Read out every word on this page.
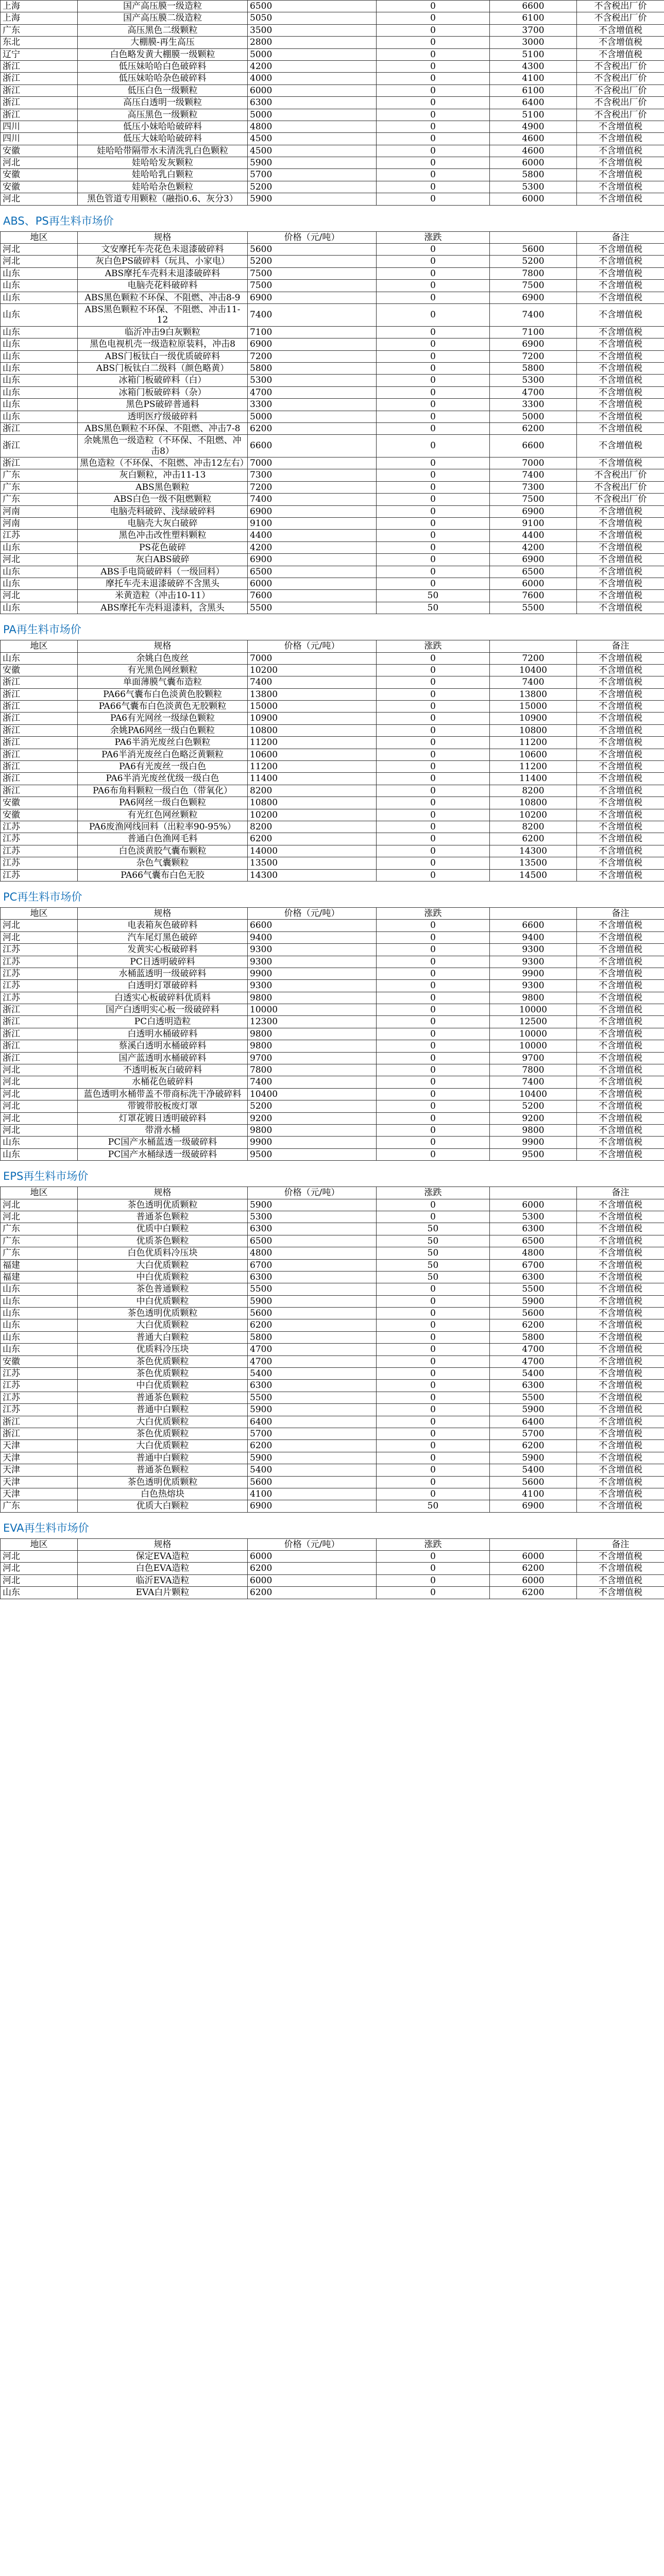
上海	国产高压膜一级造粒	6500	0	6600	不含税出厂价
上海	国产高压膜二级造粒	5050	0	6100	不含税出厂价
广东	高压黑色二级颗粒	3500	0	3700	不含增值税
东北	大棚膜-再生高压	2800	0	3000	不含增值税
辽宁	白色略发黄大棚膜一级颗粒	5000	0	5100	不含增值税
浙江	低压妹哈哈白色破碎料	4200	0	4300	不含税出厂价
浙江	低压妹哈哈杂色破碎料	4000	0	4100	不含税出厂价
浙江	低压白色一级颗粒	6000	0	6100	不含税出厂价
浙江	高压白透明一级颗粒	6300	0	6400	不含税出厂价
浙江	高压黑色一级颗粒	5000	0	5100	不含税出厂价
四川	低压小妹哈哈破碎料	4800	0	4900	不含增值税
四川	低压大妹哈哈破碎料	4500	0	4600	不含增值税
安徽	娃哈哈带隔带水未清洗乳白色颗粒	4500	0	4600	不含增值税
河北	娃哈哈发灰颗粒	5900	0	6000	不含增值税
安徽	娃哈哈乳白颗粒	5700	0	5800	不含增值税
安徽	娃哈哈杂色颗粒	5200	0	5300	不含增值税
河北	黑色管道专用颗粒（融指0.6、灰分3）	5900	0	6000	不含增值税
ABS、PS再生料市场价
地区	规格	价格（元/吨）	涨跌		备注
河北	文安摩托车壳花色未退漆破碎料	5600	0	5600	不含增值税
河北	灰白色PS破碎料（玩具、小家电）	5200	0	5200	不含增值税
山东	ABS摩托车壳料未退漆破碎料	7500	0	7800	不含增值税
山东	电脑壳花料破碎料	7500	0	7500	不含增值税
山东	ABS黑色颗粒不环保、不阻燃、冲击8-9	6900	0	6900	不含增值税
山东	ABS黑色颗粒不环保、不阻燃、冲击11-12	7400	0	7400	不含增值税
山东	临沂冲击9白灰颗粒	7100	0	7100	不含增值税
山东	黑色电视机壳一级造粒原装料，冲击8	6900	0	6900	不含增值税
山东	ABS门板钛白一级优质破碎料	7200	0	7200	不含增值税
山东	ABS门板钛白二级料（颜色略黄）	5800	0	5800	不含增值税
山东	冰箱门板破碎料（白）	5300	0	5300	不含增值税
山东	冰箱门板破碎料（杂）	4700	0	4700	不含增值税
山东	黑色PS破碎普通料	3300	0	3300	不含增值税
山东	透明医疗级破碎料	5000	0	5000	不含增值税
浙江	ABS黑色颗粒不环保、不阻燃、冲击7-8	6200	0	6200	不含增值税
浙江	余姚黑色一级造粒（不环保、不阻燃、冲击8）	6600	0	6600	不含增值税
浙江	黑色造粒（不环保、不阻燃、冲击12左右）	7000	0	7000	不含增值税
广东	灰白颗粒，冲击11-13	7300	0	7400	不含税出厂价
广东	ABS黑色颗粒	7200	0	7300	不含税出厂价
广东	ABS白色一级不阻燃颗粒	7400	0	7500	不含税出厂价
河南	电脑壳料破碎、浅绿破碎料	6900	0	6900	不含增值税
河南	电脑壳大灰白破碎	9100	0	9100	不含增值税
江苏	黑色冲击改性塑料颗粒	4400	0	4400	不含增值税
山东	PS花色破碎	4200	0	4200	不含增值税
河北	灰白ABS破碎	6900	0	6900	不含增值税
山东	ABS手电筒破碎料（一级回料）	6500	0	6500	不含增值税
山东	摩托车壳未退漆破碎不含黑头	6000	0	6000	不含增值税
河北	米黄造粒（冲击10-11）	7600	50	7600	不含增值税
山东	ABS摩托车壳料退漆料，含黑头	5500	50	5500	不含增值税
PA再生料市场价
地区	规格	价格（元/吨）	涨跌		备注
山东	余姚白色废丝	7000	0	7200	不含增值税
安徽	有光黑色网丝颗粒	10200	0	10400	不含增值税
浙江	单面薄膜气囊布造粒	7400	0	7400	不含增值税
浙江	PA66气囊布白色淡黄色胶颗粒	13800	0	13800	不含增值税
浙江	PA66气囊布白色淡黄色无胶颗粒	15000	0	15000	不含增值税
浙江	PA6有光网丝一级绿色颗粒	10900	0	10900	不含增值税
浙江	余姚PA6网丝一级白色颗粒	10800	0	10800	不含增值税
浙江	PA6半消光废丝白色颗粒	11200	0	11200	不含增值税
浙江	PA6半消光废丝白色略泛黄颗粒	10600	0	10600	不含增值税
浙江	PA6有光废丝一级白色	11200	0	11200	不含增值税
浙江	PA6半消光废丝优级一级白色	11400	0	11400	不含增值税
浙江	PA6布角料颗粒一级白色（带氧化）	8200	0	8200	不含增值税
安徽	PA6网丝一级白色颗粒	10800	0	10800	不含增值税
安徽	有光红色网丝颗粒	10200	0	10200	不含增值税
江苏	PA6废渔网线回料（出粒率90-95%）	8200	0	8200	不含增值税
江苏	普通白色渔网毛料	6200	0	6200	不含增值税
江苏	白色淡黄胶气囊布颗粒	14000	0	14300	不含增值税
江苏	杂色气囊颗粒	13500	0	13500	不含增值税
江苏	PA66气囊布白色无胶	14300	0	14500	不含增值税
PC再生料市场价
地区	规格	价格（元/吨）	涨跌		备注
河北	电表箱灰色破碎料	6600	0	6600	不含增值税
河北	汽车尾灯黑色破碎	9400	0	9400	不含增值税
江苏	发黄实心板破碎料	9300	0	9300	不含增值税
江苏	PC日透明破碎料	9300	0	9300	不含增值税
江苏	水桶蓝透明一级破碎料	9900	0	9900	不含增值税
江苏	白透明灯罩破碎料	9300	0	9300	不含增值税
江苏	白透实心板破碎料优质料	9800	0	9800	不含增值税
浙江	国产白透明实心板一级破碎料	10000	0	10000	不含增值税
浙江	PC白透明造粒	12300	0	12500	不含增值税
浙江	白透明水桶破碎料	9800	0	10000	不含增值税
浙江	蔡溪白透明水桶破碎料	9800	0	10000	不含增值税
浙江	国产蓝透明水桶破碎料	9700	0	9700	不含增值税
河北	不透明板灰白破碎料	7800	0	7800	不含增值税
河北	水桶花色破碎料	7400	0	7400	不含增值税
河北	蓝色透明水桶带盖不带商标洗干净破碎料	10400	0	10400	不含增值税
河北	带镀带胶板废灯罩	5200	0	5200	不含增值税
河北	灯罩花镀日透明破碎料	9200	0	9200	不含增值税
河北	带滑水桶	9800	0	9800	不含增值税
山东	PC国产水桶蓝透一级破碎料	9900	0	9900	不含增值税
山东	PC国产水桶绿透一级破碎料	9500	0	9500	不含增值税
EPS再生料市场价
地区	规格	价格（元/吨）	涨跌		备注
河北	茶色透明优质颗粒	5900	0	6000	不含增值税
河北	普通茶色颗粒	5300	0	5300	不含增值税
广东	优质中白颗粒	6300	50	6300	不含增值税
广东	优质茶色颗粒	6500	50	6500	不含增值税
广东	白色优质料冷压块	4800	50	4800	不含增值税
福建	大白优质颗粒	6700	50	6700	不含增值税
福建	中白优质颗粒	6300	50	6300	不含增值税
山东	茶色普通颗粒	5500	0	5500	不含增值税
山东	中白优质颗粒	5900	0	5900	不含增值税
山东	茶色透明优质颗粒	5600	0	5600	不含增值税
山东	大白优质颗粒	6200	0	6200	不含增值税
山东	普通大白颗粒	5800	0	5800	不含增值税
山东	优质料冷压块	4700	0	4700	不含增值税
安徽	茶色优质颗粒	4700	0	4700	不含增值税
江苏	茶色优质颗粒	5400	0	5400	不含增值税
江苏	中白优质颗粒	6300	0	6300	不含增值税
江苏	普通茶色颗粒	5500	0	5500	不含增值税
江苏	普通中白颗粒	5900	0	5900	不含增值税
浙江	大白优质颗粒	6400	0	6400	不含增值税
浙江	茶色优质颗粒	5700	0	5700	不含增值税
天津	大白优质颗粒	6200	0	6200	不含增值税
天津	普通中白颗粒	5900	0	5900	不含增值税
天津	普通茶色颗粒	5400	0	5400	不含增值税
天津	茶色透明优质颗粒	5600	0	5600	不含增值税
天津	白色热熔块	4100	0	4100	不含增值税
广东	优质大白颗粒	6900	50	6900	不含增值税
EVA再生料市场价
地区	规格	价格（元/吨）	涨跌		备注
河北	保定EVA造粒	6000	0	6000	不含增值税
河北	白色EVA造粒	6200	0	6200	不含增值税
河北	临沂EVA造粒	6000	0	6000	不含增值税
山东	EVA白片颗粒	6200	0	6200	不含增值税
